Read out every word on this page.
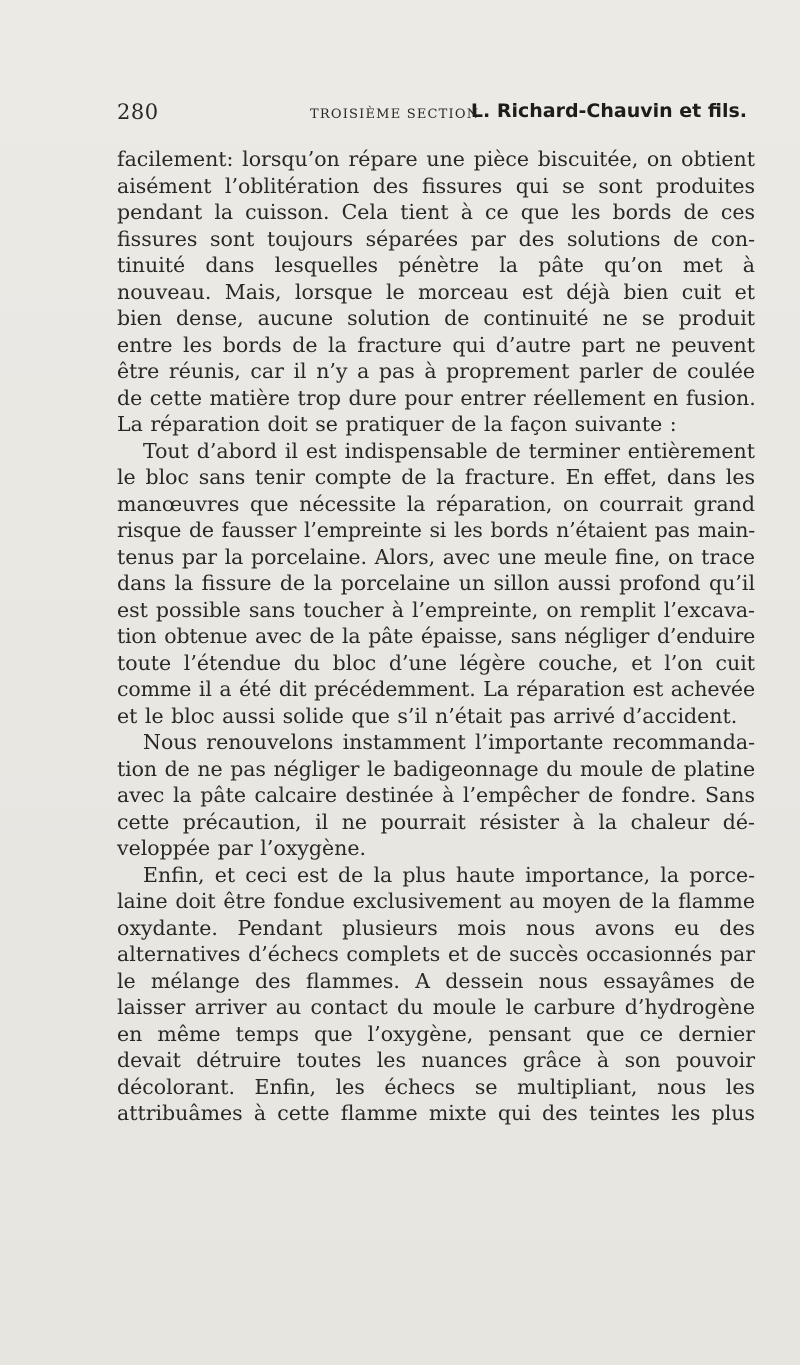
280	TROISIÈME SECTION
L. Richard-Chauvin et fils.
facilement: lorsqu’on répare une pièce biscuitée, on obtient
aisément l’oblitération des fissures qui se sont produites
pendant la cuisson. Cela tient à ce que les bords de ces
fissures sont toujours séparées par des solutions de con-
tinuité dans lesquelles pénètre la pâte qu’on met à
nouveau. Mais, lorsque le morceau est déjà bien cuit et
bien dense, aucune solution de continuité ne se produit
entre les bords de la fracture qui d’autre part ne peuvent
être réunis, car il n’y a pas à proprement parler de coulée
de cette matière trop dure pour entrer réellement en fusion.
La réparation doit se pratiquer de la façon suivante :
Tout d’abord il est indispensable de terminer entièrement
le bloc sans tenir compte de la fracture. En effet, dans les
manœuvres que nécessite la réparation, on courrait grand
risque de fausser l’empreinte si les bords n’étaient pas main-
tenus par la porcelaine. Alors, avec une meule fine, on trace
dans la fissure de la porcelaine un sillon aussi profond qu’il
est possible sans toucher à l’empreinte, on remplit l’excava-
tion obtenue avec de la pâte épaisse, sans négliger d’enduire
toute l’étendue du bloc d’une légère couche, et l’on cuit
comme il a été dit précédemment. La réparation est achevée
et le bloc aussi solide que s’il n’était pas arrivé d’accident.
Nous renouvelons instamment l’importante recommanda-
tion de ne pas négliger le badigeonnage du moule de platine
avec la pâte calcaire destinée à l’empêcher de fondre. Sans
cette précaution, il ne pourrait résister à la chaleur dé-
veloppée par l’oxygène.
Enfin, et ceci est de la plus haute importance, la porce-
laine doit être fondue exclusivement au moyen de la flamme
oxydante. Pendant plusieurs mois nous avons eu des
alternatives d’échecs complets et de succès occasionnés par
le mélange des flammes. A dessein nous essayâmes de
laisser arriver au contact du moule le carbure d’hydrogène
en même temps que l’oxygène, pensant que ce dernier
devait détruire toutes les nuances grâce à son pouvoir
décolorant. Enfin, les échecs se multipliant, nous les
attribuâmes à cette flamme mixte qui des teintes les plus
